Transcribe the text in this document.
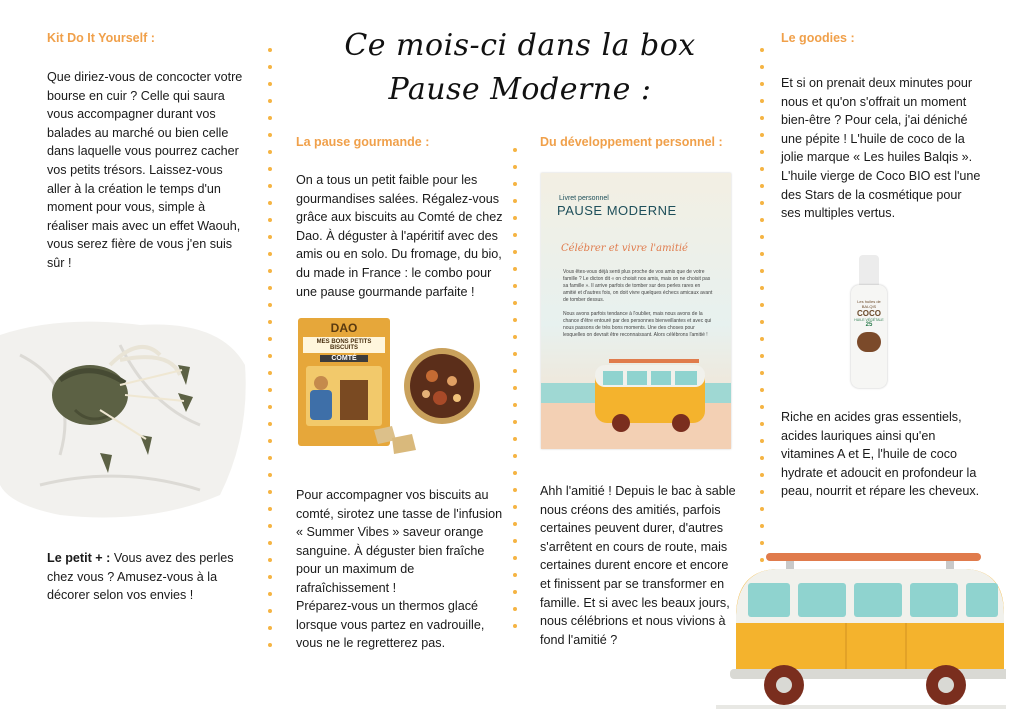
Ce mois-ci dans la box
Pause Moderne :
Kit Do It Yourself :
Que diriez-vous de concocter votre bourse en cuir ? Celle qui saura vous accompagner durant vos balades au marché ou bien celle dans laquelle vous pourrez cacher vos petits trésors. Laissez-vous aller à la création le temps d'un moment pour vous, simple à réaliser mais avec un effet Waouh, vous serez fière de vous j'en suis sûr !
Le petit + : Vous avez des perles chez vous ? Amusez-vous à la décorer selon vos envies !
La pause gourmande :
On a tous un petit faible pour les gourmandises salées. Régalez-vous grâce aux biscuits au Comté de chez Dao. À déguster à l'apéritif avec des amis ou en solo. Du fromage, du bio, du made in France : le combo pour une pause gourmande parfaite !
DAO
MES BONS PETITS BISCUITS
COMTÉ
Pour accompagner vos biscuits au comté, sirotez une tasse de l'infusion « Summer Vibes » saveur orange sanguine. À déguster bien fraîche pour un maximum de rafraîchissement !
Préparez-vous un thermos glacé lorsque vous partez en vadrouille, vous ne le regretterez pas.
Du développement personnel :
Livret personnel
PAUSE MODERNE
Célébrer et vivre l'amitié
Vous êtes-vous déjà senti plus proche de vos amis que de votre famille ? Le dicton dit « on choisit nos amis, mais on ne choisit pas sa famille ». Il arrive parfois de tomber sur des perles rares en amitié et d'autres fois, on doit vivre quelques échecs amicaux avant de tomber dessus.
Nous avons parfois tendance à l'oublier, mais nous avons de la chance d'être entouré par des personnes bienveillantes et avec qui nous passons de très bons moments. Une des choses pour lesquelles on devrait être reconnaissant. Alors célébrons l'amitié !
Ahh l'amitié ! Depuis le bac à sable nous créons des amitiés, parfois certaines peuvent durer, d'autres s'arrêtent en cours de route, mais certaines durent encore et encore et finissent par se transformer en famille. Et si avec les beaux jours, nous célébrions et nous vivions à fond l'amitié ?
Le goodies :
Et si on prenait deux minutes pour nous et qu'on s'offrait un moment bien-être ? Pour cela, j'ai déniché une pépite ! L'huile de coco de la jolie marque « Les huiles Balqis ». L'huile vierge de Coco BIO est l'une des Stars de la cosmétique pour ses multiples vertus.
Les huiles de BALQIS
COCO
HUILE VÉGÉTALE
25
Riche en acides gras essentiels, acides lauriques ainsi qu'en vitamines A et E, l'huile de coco hydrate et adoucit en profondeur la peau, nourrit et répare les cheveux.
